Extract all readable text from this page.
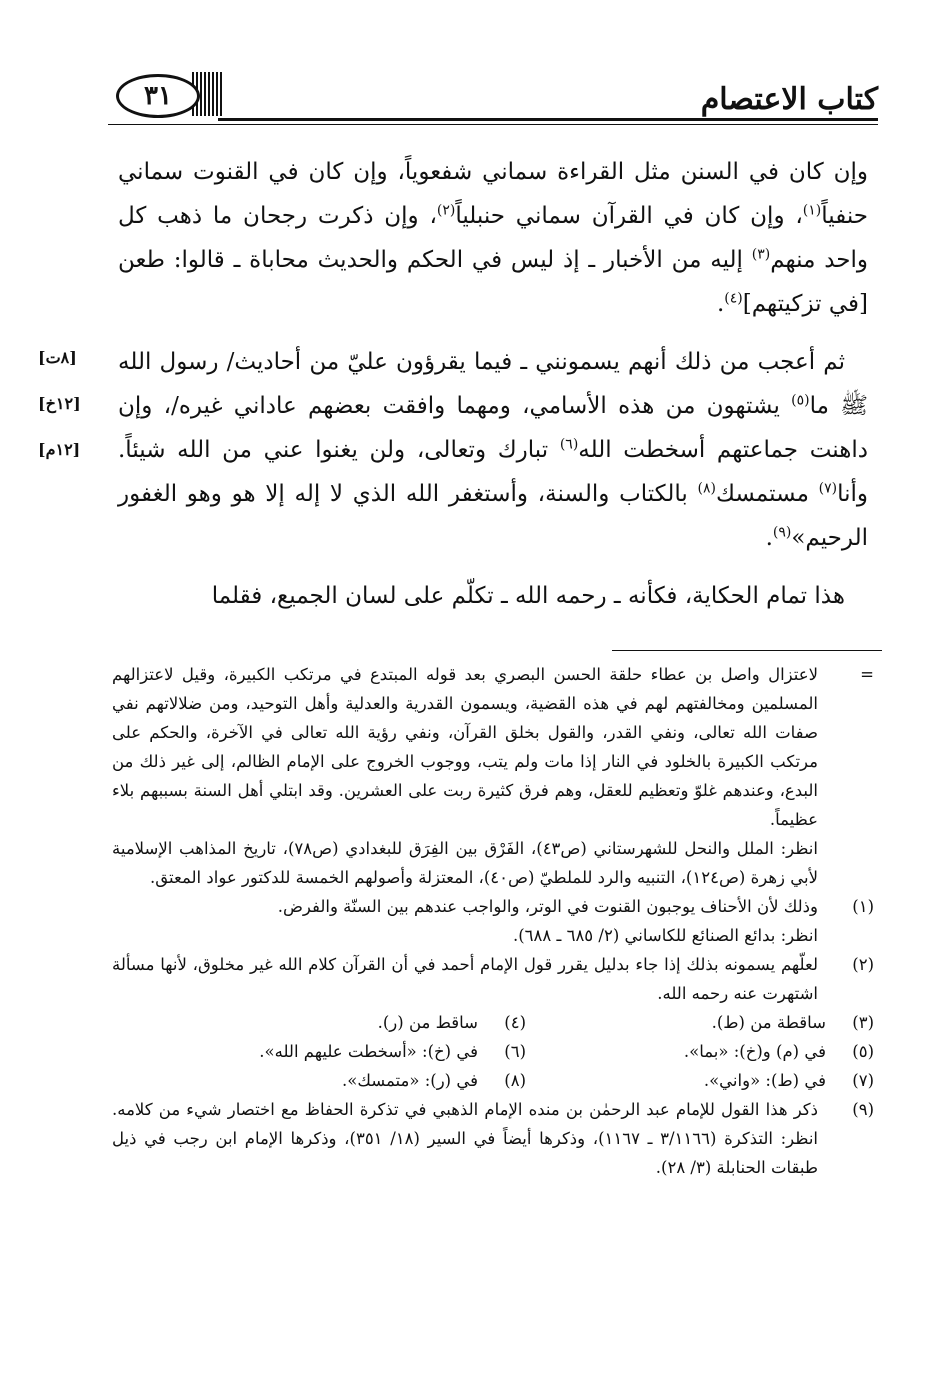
٣١	كتاب الاعتصام

وإن كان في السنن مثل القراءة سماني شفعوياً، وإن كان في القنوت سماني حنفياً$^{(١)}$، وإن كان في القرآن سماني حنبلياً$^{(٢)}$، وإن ذكرت رجحان ما ذهب كل واحد منهم$^{(٣)}$ إليه من الأخبار ـ إذ ليس في الحكم والحديث محاباة ـ قالوا: طعن [في تزكيتهم]$^{(٤)}$.

 ثم أعجب من ذلك أنهم يسمونني ـ فيما يقرؤون عليّ من أحاديث/ رسول الله ﷺ ما$^{(٥)}$ يشتهون من هذه الأسامي، ومهما وافقت بعضهم عاداني غيره/، وإن داهنت جماعتهم أسخطت الله$^{(٦)}$ تبارك وتعالى، ولن يغنوا عني من الله شيئاً. وأنا$^{(٧)}$ مستمسك$^{(٨)}$ بالكتاب والسنة، وأستغفر الله الذي لا إله إلا هو وهو الغفور الرحيم»$^{(٩)}$.

 هذا تمام الحكاية، فكأنه ـ رحمه الله ـ تكلّم على لسان الجميع، فقلما

[٨ت]
[١٢خ]
[١٢م]
=

لاعتزال واصل بن عطاء حلقة الحسن البصري بعد قوله المبتدع في مرتكب الكبيرة، وقيل لاعتزالهم المسلمين ومخالفتهم لهم في هذه القضية، ويسمون القدرية والعدلية وأهل التوحيد، ومن ضلالاتهم نفي صفات الله تعالى، ونفي القدر، والقول بخلق القرآن، ونفي رؤية الله تعالى في الآخرة، والحكم على مرتكب الكبيرة بالخلود في النار إذا مات ولم يتب، ووجوب الخروج على الإمام الظالم، إلى غير ذلك من البدع، وعندهم غلوّ وتعظيم للعقل، وهم فرق كثيرة ربت على العشرين. وقد ابتلي أهل السنة بسببهم بلاء عظيماً.

انظر: الملل والنحل للشهرستاني (ص٤٣)، الفَرْق بين الفِرَق للبغدادي (ص٧٨)، تاريخ المذاهب الإسلامية لأبي زهرة (ص١٢٤)، التنبيه والرد للملطيّ (ص٤٠)، المعتزلة وأصولهم الخمسة للدكتور عواد المعتق.

(١)

وذلك لأن الأحناف يوجبون القنوت في الوتر، والواجب عندهم بين السنّة والفرض.

انظر: بدائع الصنائع للكاساني (٢/ ٦٨٥ ـ ٦٨٨).

(٢)

لعلّهم يسمونه بذلك إذا جاء بدليل يقرر قول الإمام أحمد في أن القرآن كلام الله غير مخلوق، لأنها مسألة اشتهرت عنه رحمه الله.

(٣)
ساقطة من (ط).
(٤)
ساقط من (ر).
(٥)
في (م) و(خ): «بما».
(٦)
في (خ): «أسخطت عليهم الله».
(٧)
في (ط): «واني».
(٨)
في (ر): «متمسك».
(٩)

ذكر هذا القول للإمام عبد الرحمٰن بن منده الإمام الذهبي في تذكرة الحفاظ مع اختصار شيء من كلامه. انظر: التذكرة (٣/١١٦٦ ـ ١١٦٧)، وذكرها أيضاً في السير (١٨/ ٣٥١)، وذكرها الإمام ابن رجب في ذيل طبقات الحنابلة (٣/ ٢٨).
